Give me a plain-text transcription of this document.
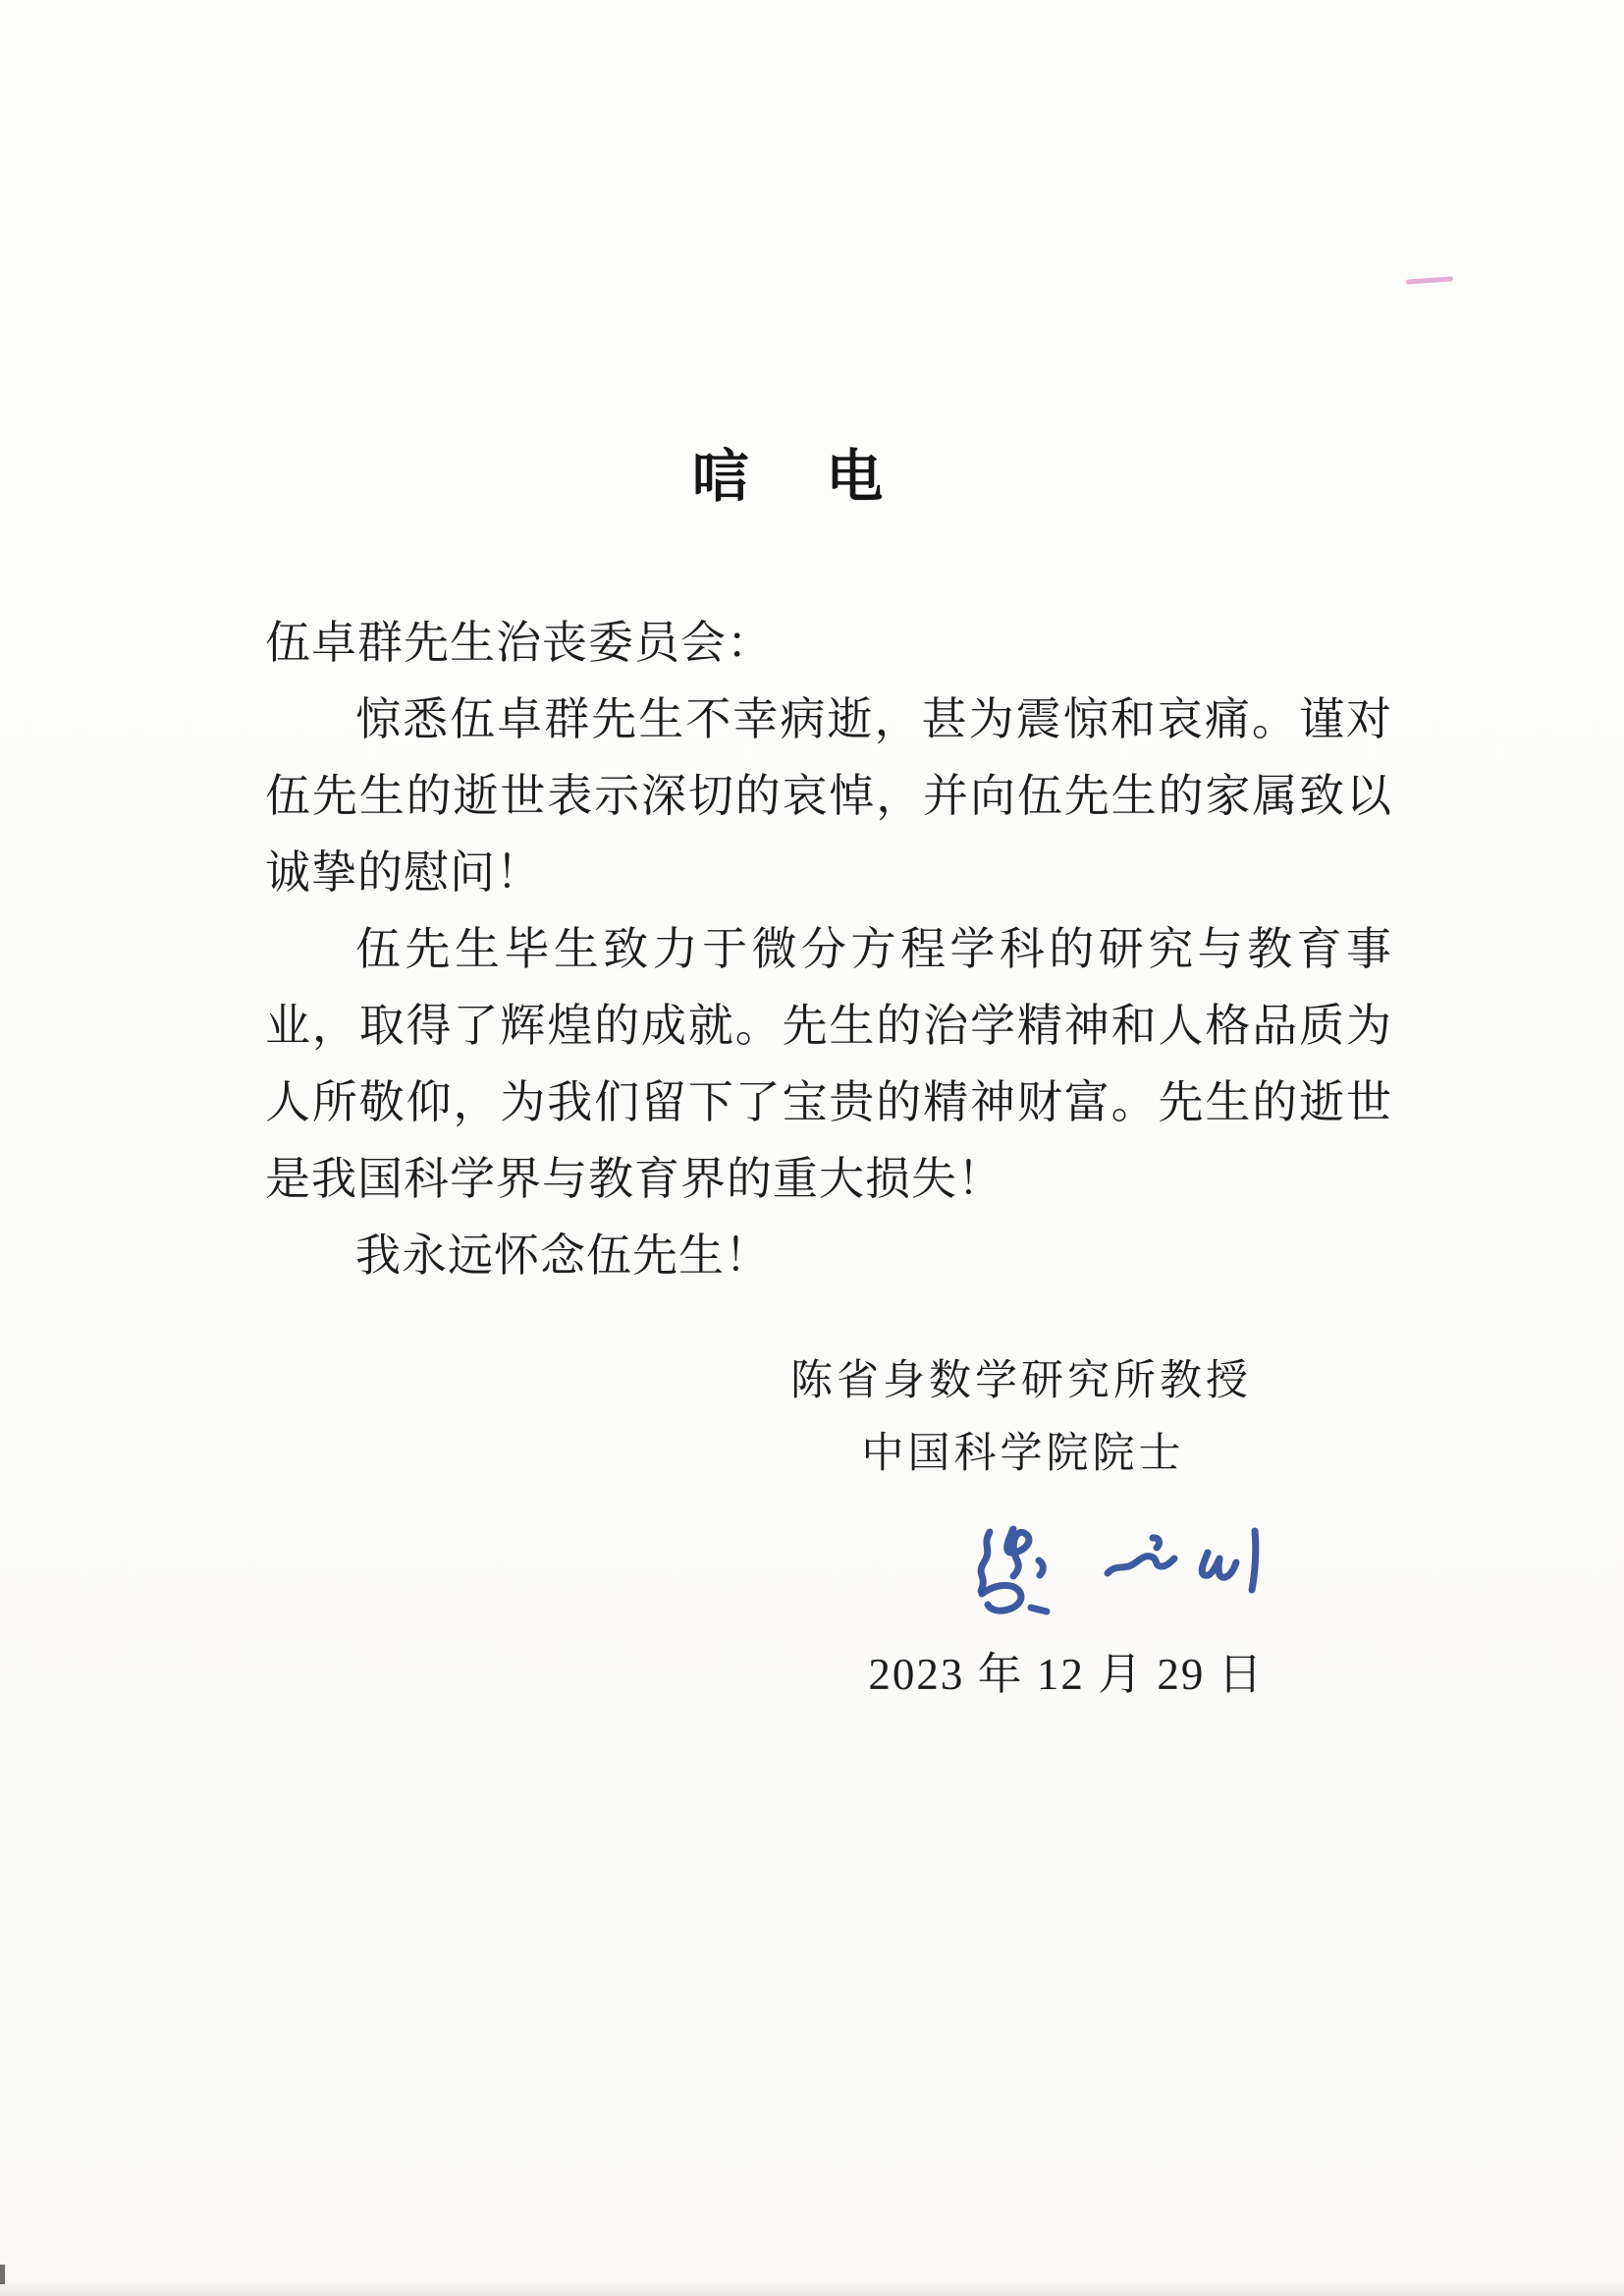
唁 电
伍卓群先生治丧委员会：

惊悉伍卓群先生不幸病逝，甚为震惊和哀痛。谨对伍先生的逝世表示深切的哀悼，并向伍先生的家属致以诚挚的慰问！

伍先生毕生致力于微分方程学科的研究与教育事业，取得了辉煌的成就。先生的治学精神和人格品质为人所敬仰，为我们留下了宝贵的精神财富。先生的逝世是我国科学界与教育界的重大损失！

我永远怀念伍先生！

陈省身数学研究所教授
中国科学院院士
2023 年 12 月 29 日
